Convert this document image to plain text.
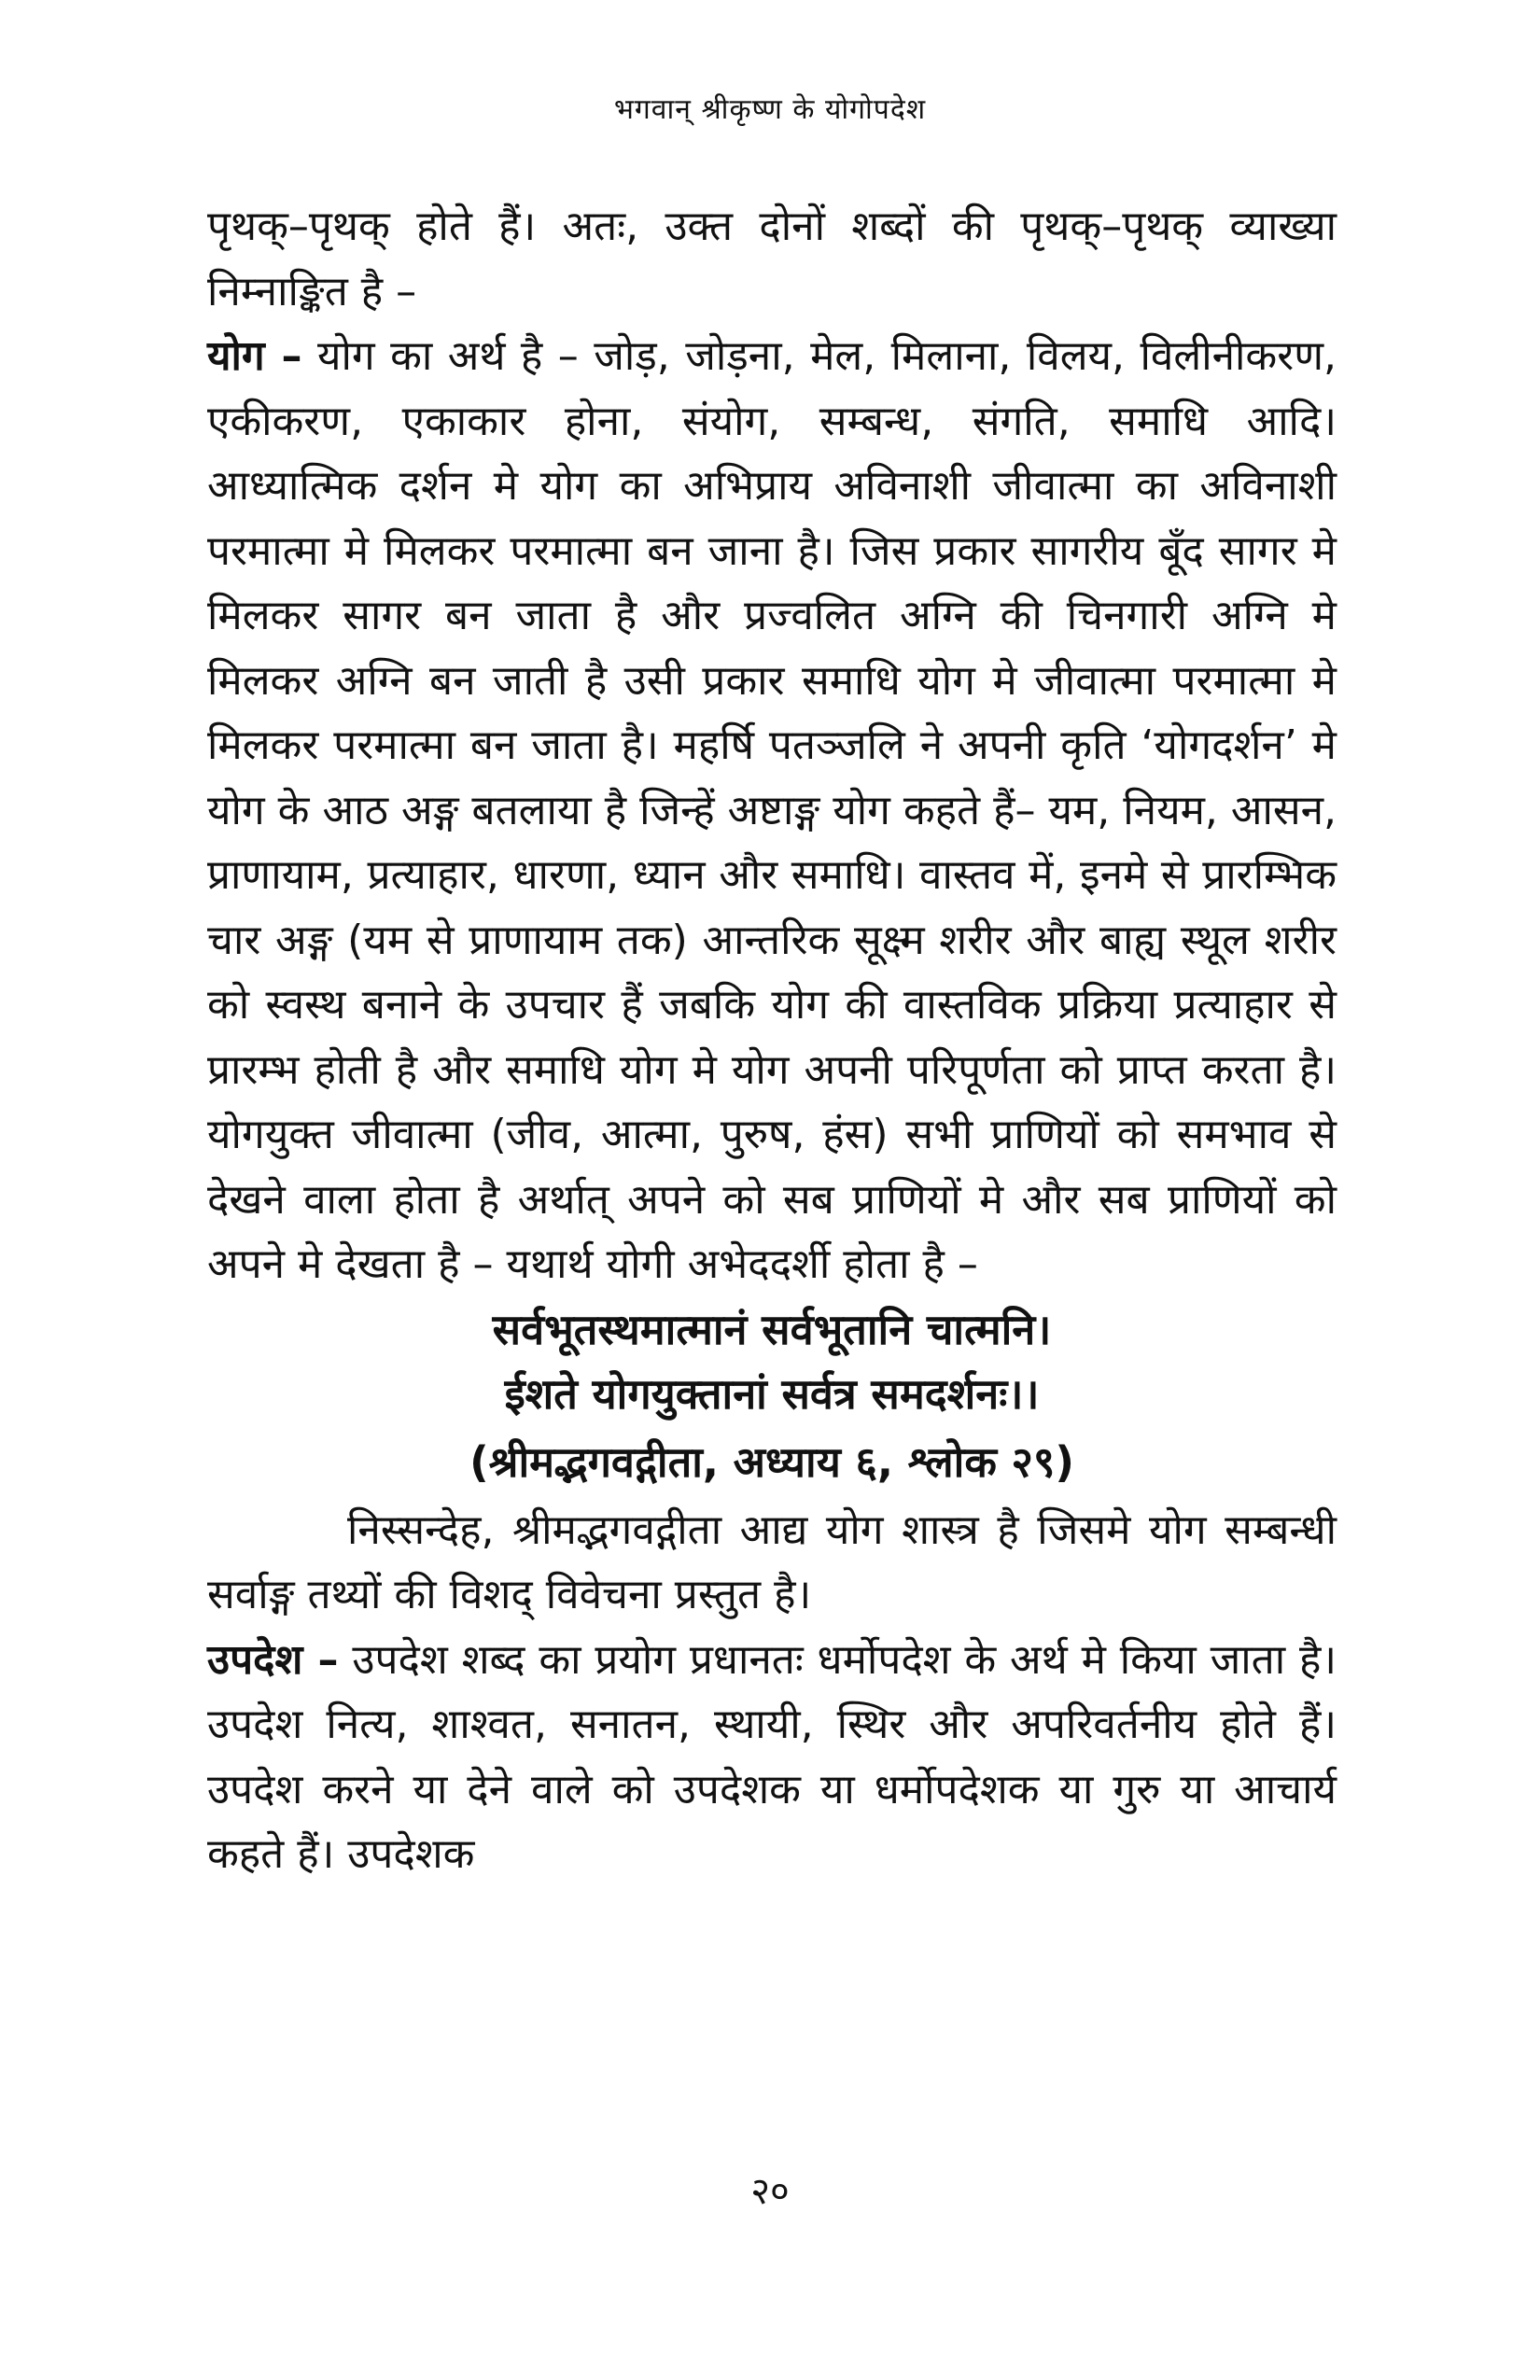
भगवान् श्रीकृष्ण के योगोपदेश

पृथक्–पृथक् होते हैं। अतः, उक्त दोनों शब्दों की पृथक्–पृथक् व्याख्या निम्नाङ्कित है –

योग – योग का अर्थ है – जोड़, जोड़ना, मेल, मिलाना, विलय, विलीनीकरण, एकीकरण, एकाकार होना, संयोग, सम्बन्ध, संगति, समाधि आदि। आध्यात्मिक दर्शन मे योग का अभिप्राय अविनाशी जीवात्मा का अविनाशी परमात्मा मे मिलकर परमात्मा बन जाना है। जिस प्रकार सागरीय बूँद सागर मे मिलकर सागर बन जाता है और प्रज्वलित अग्नि की चिनगारी अग्नि मे मिलकर अग्नि बन जाती है उसी प्रकार समाधि योग मे जीवात्मा परमात्मा मे मिलकर परमात्मा बन जाता है। महर्षि पतञ्जलि ने अपनी कृति ‘योगदर्शन’ मे योग के आठ अङ्ग बतलाया है जिन्हें अष्टाङ्ग योग कहते हैं– यम, नियम, आसन, प्राणायाम, प्रत्याहार, धारणा, ध्यान और समाधि। वास्तव में, इनमे से प्रारम्भिक चार अङ्ग (यम से प्राणायाम तक) आन्तरिक सूक्ष्म शरीर और बाह्य स्थूल शरीर को स्वस्थ बनाने के उपचार हैं जबकि योग की वास्तविक प्रक्रिया प्रत्याहार से प्रारम्भ होती है और समाधि योग मे योग अपनी परिपूर्णता को प्राप्त करता है। योगयुक्त जीवात्मा (जीव, आत्मा, पुरुष, हंस) सभी प्राणियों को समभाव से देखने वाला होता है अर्थात् अपने को सब प्राणियों मे और सब प्राणियों को अपने मे देखता है – यथार्थ योगी अभेददर्शी होता है –

सर्वभूतस्थमात्मानं सर्वभूतानि चात्मनि।

ईशते योगयुक्तानां सर्वत्र समदर्शनः।।

(श्रीमद्भगवद्गीता, अध्याय ६, श्लोक २९)

निस्सन्देह, श्रीमद्भगवद्गीता आद्य योग शास्त्र है जिसमे योग सम्बन्धी सर्वाङ्ग तथ्यों की विशद् विवेचना प्रस्तुत है।

उपदेश – उपदेश शब्द का प्रयोग प्रधानतः धर्मोपदेश के अर्थ मे किया जाता है। उपदेश नित्य, शाश्वत, सनातन, स्थायी, स्थिर और अपरिवर्तनीय होते हैं। उपदेश करने या देने वाले को उपदेशक या धर्मोपदेशक या गुरु या आचार्य कहते हैं। उपदेशक

२०
